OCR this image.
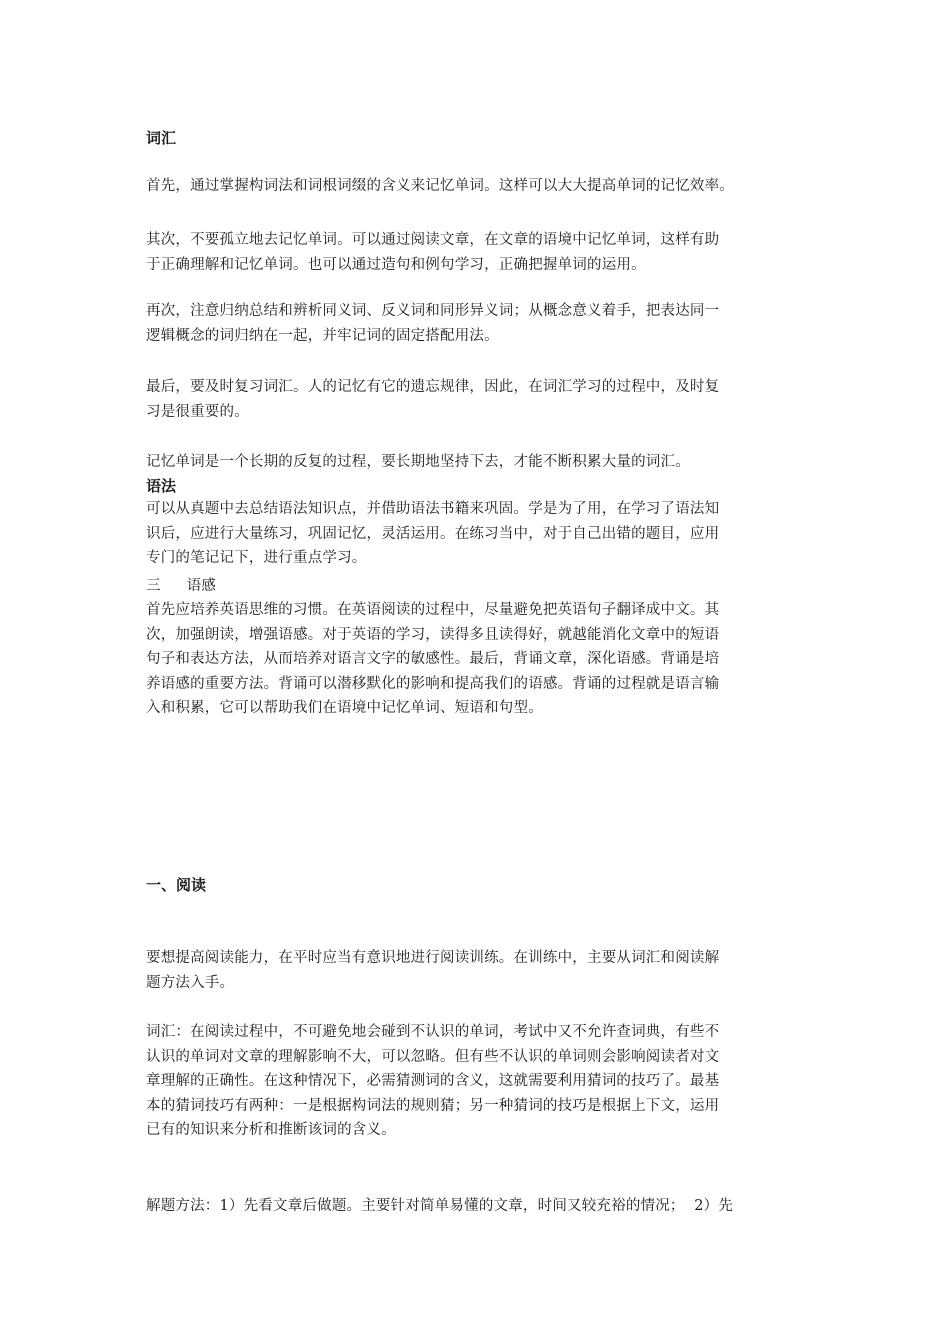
词汇
首先，通过掌握构词法和词根词缀的含义来记忆单词。这样可以大大提高单词的记忆效率。
其次，不要孤立地去记忆单词。可以通过阅读文章，在文章的语境中记忆单词，这样有助
于正确理解和记忆单词。也可以通过造句和例句学习，正确把握单词的运用。
再次，注意归纳总结和辨析同义词、反义词和同形异义词；从概念意义着手，把表达同一
逻辑概念的词归纳在一起，并牢记词的固定搭配用法。
最后，要及时复习词汇。人的记忆有它的遗忘规律，因此，在词汇学习的过程中，及时复
习是很重要的。
记忆单词是一个长期的反复的过程，要长期地坚持下去，才能不断积累大量的词汇。
语法
可以从真题中去总结语法知识点，并借助语法书籍来巩固。学是为了用，在学习了语法知
识后，应进行大量练习，巩固记忆，灵活运用。在练习当中，对于自己出错的题目，应用
专门的笔记记下，进行重点学习。
三 语感
首先应培养英语思维的习惯。在英语阅读的过程中，尽量避免把英语句子翻译成中文。其
次，加强朗读，增强语感。对于英语的学习，读得多且读得好，就越能消化文章中的短语
句子和表达方法，从而培养对语言文字的敏感性。最后，背诵文章，深化语感。背诵是培
养语感的重要方法。背诵可以潜移默化的影响和提高我们的语感。背诵的过程就是语言输
入和积累，它可以帮助我们在语境中记忆单词、短语和句型。
一、阅读
要想提高阅读能力，在平时应当有意识地进行阅读训练。在训练中，主要从词汇和阅读解
题方法入手。
词汇：在阅读过程中，不可避免地会碰到不认识的单词，考试中又不允许查词典，有些不
认识的单词对文章的理解影响不大，可以忽略。但有些不认识的单词则会影响阅读者对文
章理解的正确性。在这种情况下，必需猜测词的含义，这就需要利用猜词的技巧了。最基
本的猜词技巧有两种：一是根据构词法的规则猜；另一种猜词的技巧是根据上下文，运用
已有的知识来分析和推断该词的含义。
解题方法：1）先看文章后做题。主要针对简单易懂的文章，时间又较充裕的情况；  2）先
